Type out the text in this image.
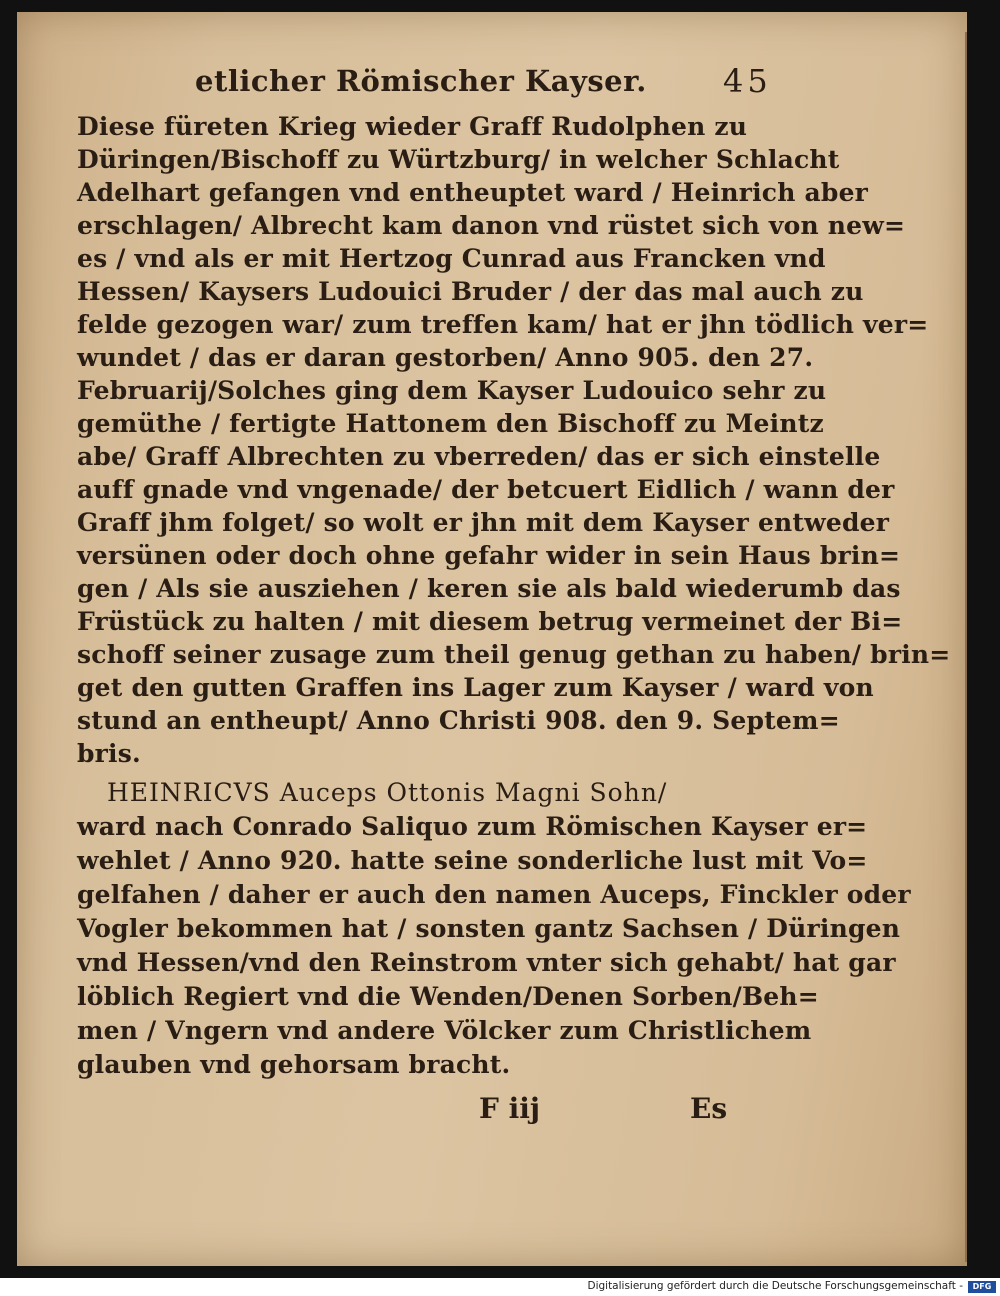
etlicher Römischer Kayser. 45
Diese füreten Krieg wieder Graff Rudolphen zu
Düringen/Bischoff zu Würtzburg/ in welcher Schlacht
Adelhart gefangen vnd entheuptet ward / Heinrich aber
erschlagen/ Albrecht kam danon vnd rüstet sich von new=
es / vnd als er mit Hertzog Cunrad aus Francken vnd
Hessen/ Kaysers Ludouici Bruder / der das mal auch zu
felde gezogen war/ zum treffen kam/ hat er jhn tödlich ver=
wundet / das er daran gestorben/ Anno 905. den 27.
Februarij/Solches ging dem Kayser Ludouico sehr zu
gemüthe / fertigte Hattonem den Bischoff zu Meintz
abe/ Graff Albrechten zu vberreden/ das er sich einstelle
auff gnade vnd vngenade/ der betcuert Eidlich / wann der
Graff jhm folget/ so wolt er jhn mit dem Kayser entweder
versünen oder doch ohne gefahr wider in sein Haus brin=
gen / Als sie ausziehen / keren sie als bald wiederumb das
Früstück zu halten / mit diesem betrug vermeinet der Bi=
schoff seiner zusage zum theil genug gethan zu haben/ brin=
get den gutten Graffen ins Lager zum Kayser / ward von
stund an entheupt/ Anno Christi 908. den 9. Septem=
bris.
HEINRICVS Auceps Ottonis Magni Sohn/
ward nach Conrado Saliquo zum Römischen Kayser er=
wehlet / Anno 920. hatte seine sonderliche lust mit Vo=
gelfahen / daher er auch den namen Auceps, Finckler oder
Vogler bekommen hat / sonsten gantz Sachsen / Düringen
vnd Hessen/vnd den Reinstrom vnter sich gehabt/ hat gar
löblich Regiert vnd die Wenden/Denen Sorben/Beh=
men / Vngern vnd andere Völcker zum Christlichem
glauben vnd gehorsam bracht.
F iij	Es
Digitalisierung gefördert durch die Deutsche Forschungsgemeinschaft -	DFG
